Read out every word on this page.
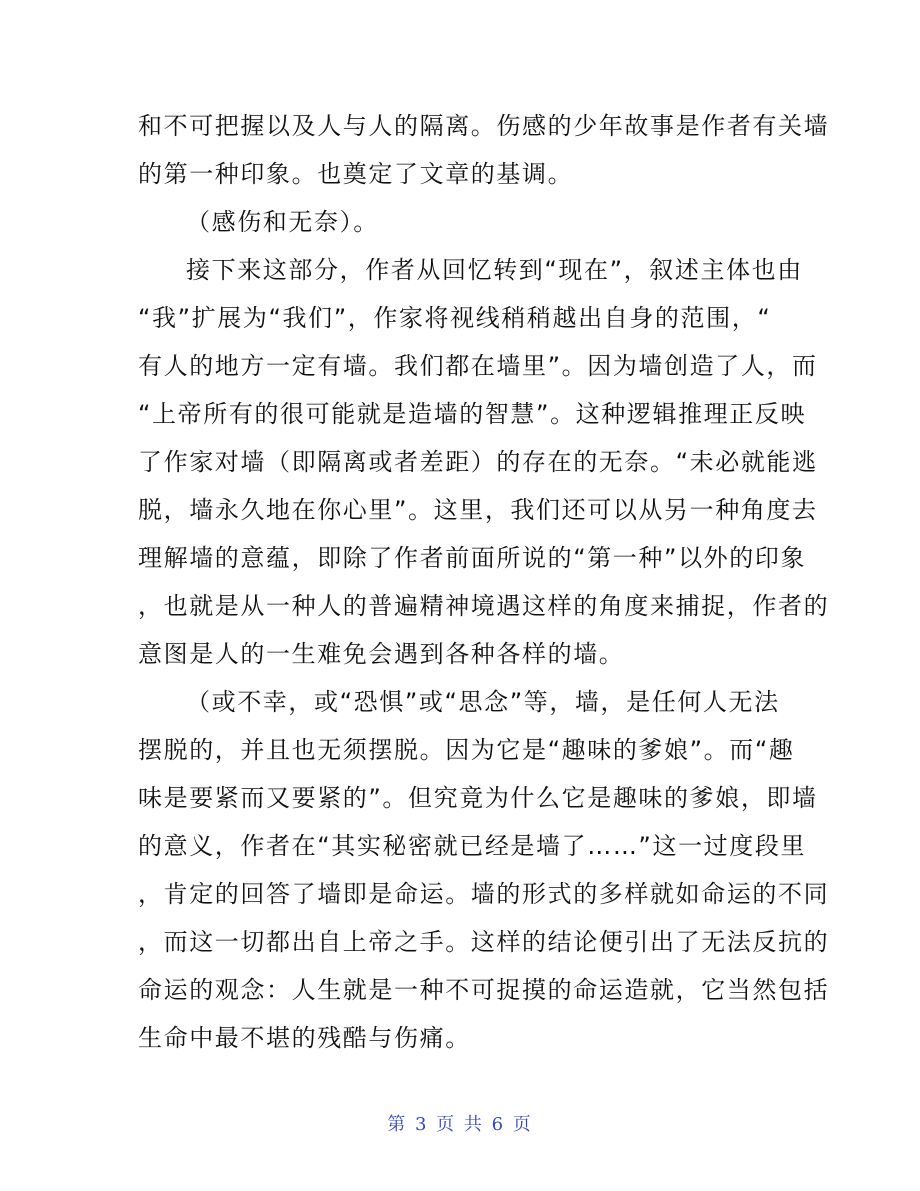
和不可把握以及人与人的隔离。伤感的少年故事是作者有关墙
的第一种印象。也奠定了文章的基调。
（感伤和无奈）。
接下来这部分，作者从回忆转到“现在”，叙述主体也由
“我”扩展为“我们”，作家将视线稍稍越出自身的范围，“
有人的地方一定有墙。我们都在墙里”。因为墙创造了人，而
“上帝所有的很可能就是造墙的智慧”。这种逻辑推理正反映
了作家对墙（即隔离或者差距）的存在的无奈。“未必就能逃
脱，墙永久地在你心里”。这里，我们还可以从另一种角度去
理解墙的意蕴，即除了作者前面所说的“第一种”以外的印象
，也就是从一种人的普遍精神境遇这样的角度来捕捉，作者的
意图是人的一生难免会遇到各种各样的墙。
（或不幸，或“恐惧”或“思念”等，墙，是任何人无法
摆脱的，并且也无须摆脱。因为它是“趣味的爹娘”。而“趣
味是要紧而又要紧的”。但究竟为什么它是趣味的爹娘，即墙
的意义，作者在“其实秘密就已经是墙了……”这一过度段里
，肯定的回答了墙即是命运。墙的形式的多样就如命运的不同
，而这一切都出自上帝之手。这样的结论便引出了无法反抗的
命运的观念：人生就是一种不可捉摸的命运造就，它当然包括
生命中最不堪的残酷与伤痛。
第 3 页 共 6 页
